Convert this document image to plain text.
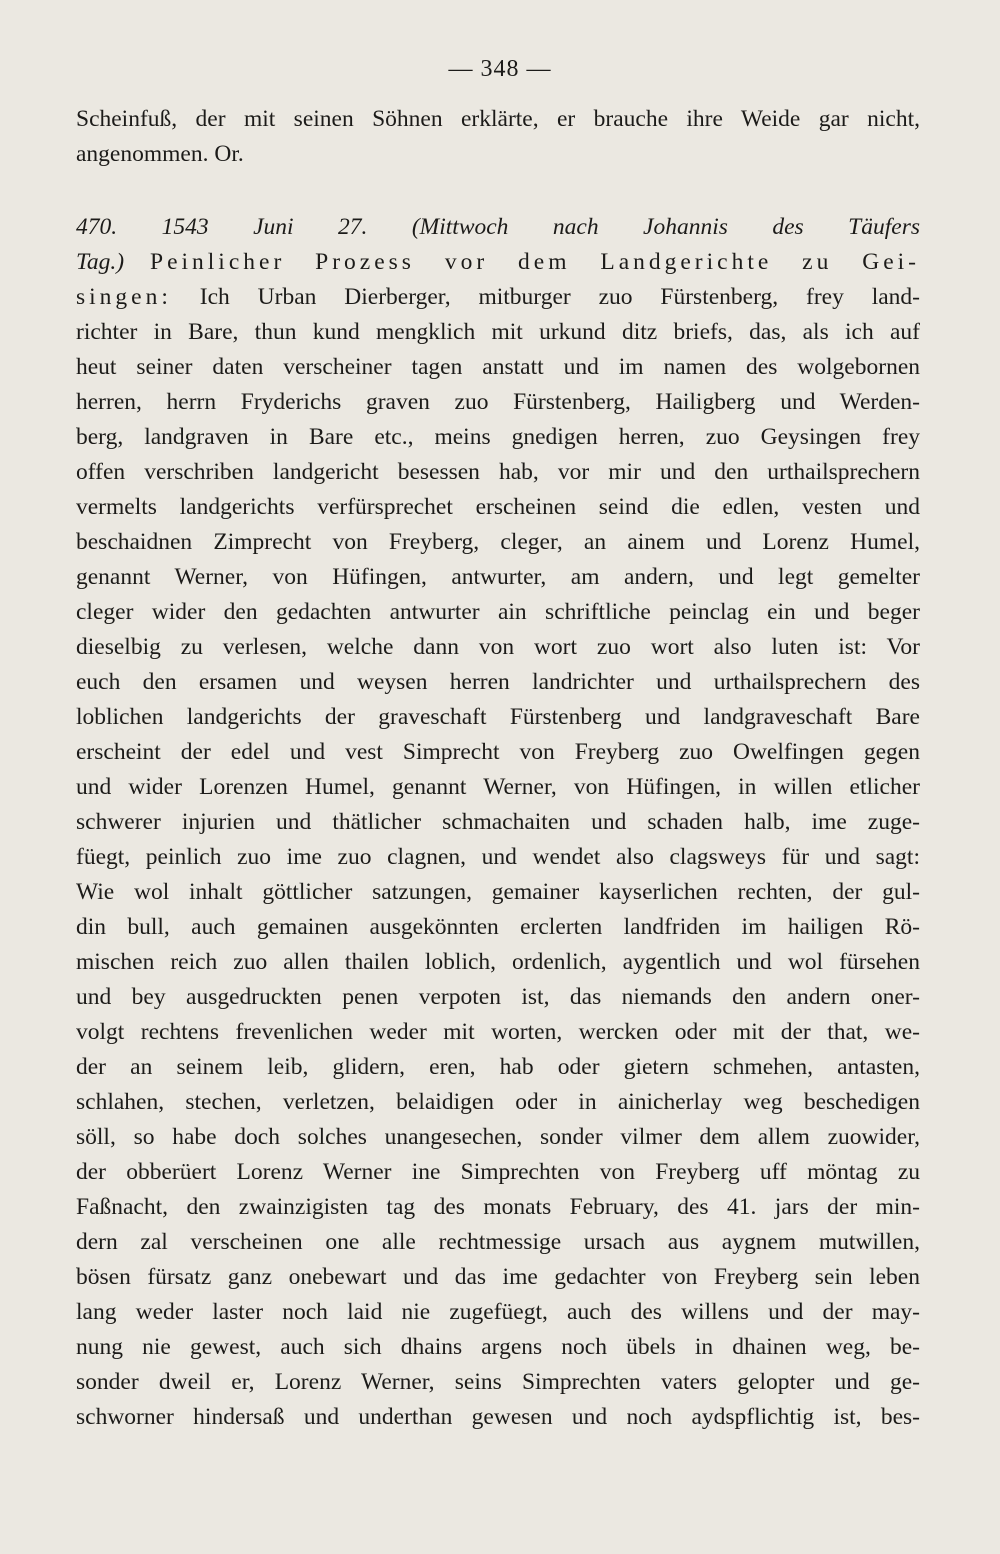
— 348 —
Scheinfuß, der mit seinen Söhnen erklärte, er brauche ihre Weide gar nicht,
angenommen. Or.
470. 1543 Juni 27. (Mittwoch nach Johannis des Täufers
Tag.) Peinlicher Prozess vor dem Landgerichte zu Gei-
singen: Ich Urban Dierberger, mitburger zuo Fürstenberg, frey land-
richter in Bare, thun kund mengklich mit urkund ditz briefs, das, als ich auf
heut seiner daten verscheiner tagen anstatt und im namen des wolgebornen
herren, herrn Fryderichs graven zuo Fürstenberg, Hailigberg und Werden-
berg, landgraven in Bare etc., meins gnedigen herren, zuo Geysingen frey
offen verschriben landgericht besessen hab, vor mir und den urthailsprechern
vermelts landgerichts verfürsprechet erscheinen seind die edlen, vesten und
beschaidnen Zimprecht von Freyberg, cleger, an ainem und Lorenz Humel,
genannt Werner, von Hüfingen, antwurter, am andern, und legt gemelter
cleger wider den gedachten antwurter ain schriftliche peinclag ein und beger
dieselbig zu verlesen, welche dann von wort zuo wort also luten ist: Vor
euch den ersamen und weysen herren landrichter und urthailsprechern des
loblichen landgerichts der graveschaft Fürstenberg und landgraveschaft Bare
erscheint der edel und vest Simprecht von Freyberg zuo Owelfingen gegen
und wider Lorenzen Humel, genannt Werner, von Hüfingen, in willen etlicher
schwerer injurien und thätlicher schmachaiten und schaden halb, ime zuge-
füegt, peinlich zuo ime zuo clagnen, und wendet also clagsweys für und sagt:
Wie wol inhalt göttlicher satzungen, gemainer kayserlichen rechten, der gul-
din bull, auch gemainen ausgekönnten erclerten landfriden im hailigen Rö-
mischen reich zuo allen thailen loblich, ordenlich, aygentlich und wol fürsehen
und bey ausgedruckten penen verpoten ist, das niemands den andern oner-
volgt rechtens frevenlichen weder mit worten, wercken oder mit der that, we-
der an seinem leib, glidern, eren, hab oder gietern schmehen, antasten,
schlahen, stechen, verletzen, belaidigen oder in ainicherlay weg beschedigen
söll, so habe doch solches unangesechen, sonder vilmer dem allem zuowider,
der obberüert Lorenz Werner ine Simprechten von Freyberg uff möntag zu
Faßnacht, den zwainzigisten tag des monats February, des 41. jars der min-
dern zal verscheinen one alle rechtmessige ursach aus aygnem mutwillen,
bösen fürsatz ganz onebewart und das ime gedachter von Freyberg sein leben
lang weder laster noch laid nie zugefüegt, auch des willens und der may-
nung nie gewest, auch sich dhains argens noch übels in dhainen weg, be-
sonder dweil er, Lorenz Werner, seins Simprechten vaters gelopter und ge-
schworner hindersaß und underthan gewesen und noch aydspflichtig ist, bes-
